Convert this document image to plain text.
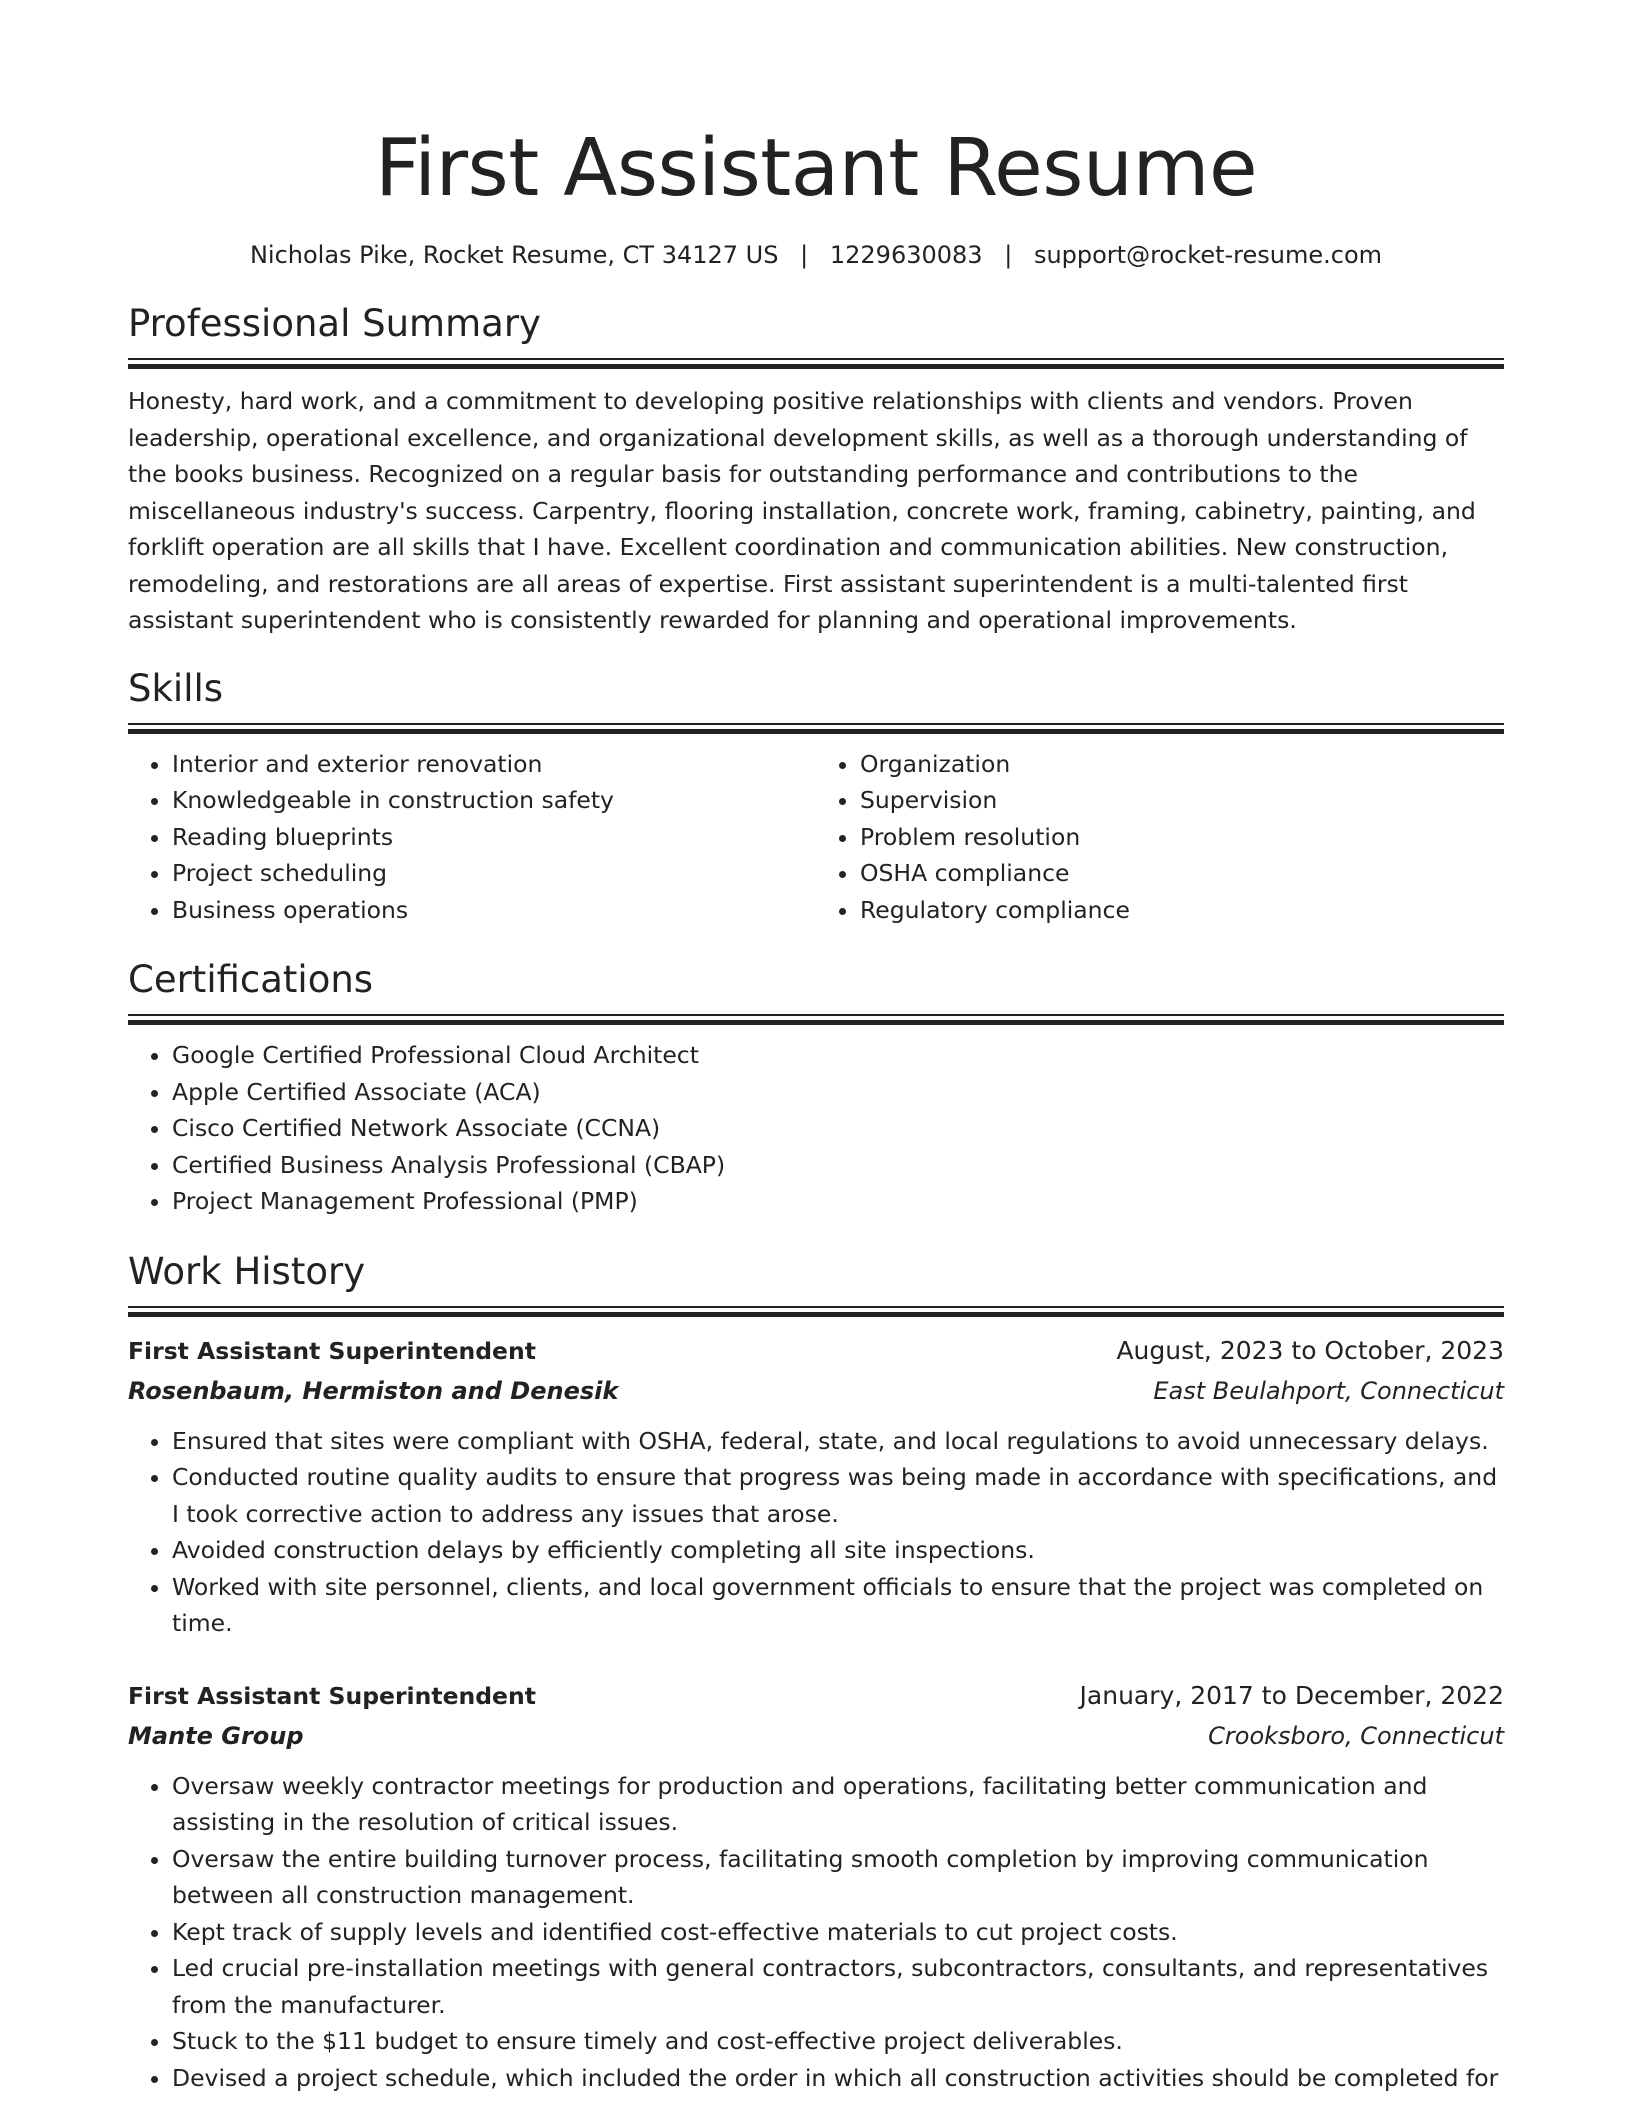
First Assistant Resume
Nicholas Pike, Rocket Resume, CT 34127 US | 1229630083 | support@rocket-resume.com
Professional Summary
Honesty, hard work, and a commitment to developing positive relationships with clients and vendors. Proven leadership, operational excellence, and organizational development skills, as well as a thorough understanding of the books business. Recognized on a regular basis for outstanding performance and contributions to the miscellaneous industry's success. Carpentry, flooring installation, concrete work, framing, cabinetry, painting, and forklift operation are all skills that I have. Excellent coordination and communication abilities. New construction, remodeling, and restorations are all areas of expertise. First assistant superintendent is a multi-talented first assistant superintendent who is consistently rewarded for planning and operational improvements.
Skills
• Interior and exterior renovation
• Knowledgeable in construction safety
• Reading blueprints
• Project scheduling
• Business operations
• Organization
• Supervision
• Problem resolution
• OSHA compliance
• Regulatory compliance
Certifications
• Google Certified Professional Cloud Architect
• Apple Certified Associate (ACA)
• Cisco Certified Network Associate (CCNA)
• Certified Business Analysis Professional (CBAP)
• Project Management Professional (PMP)
Work History
First Assistant Superintendent	August, 2023 to October, 2023
Rosenbaum, Hermiston and Denesik	East Beulahport, Connecticut
• Ensured that sites were compliant with OSHA, federal, state, and local regulations to avoid unnecessary delays.
• Conducted routine quality audits to ensure that progress was being made in accordance with specifications, and I took corrective action to address any issues that arose.
• Avoided construction delays by efficiently completing all site inspections.
• Worked with site personnel, clients, and local government officials to ensure that the project was completed on time.
First Assistant Superintendent	January, 2017 to December, 2022
Mante Group	Crooksboro, Connecticut
• Oversaw weekly contractor meetings for production and operations, facilitating better communication and assisting in the resolution of critical issues.
• Oversaw the entire building turnover process, facilitating smooth completion by improving communication between all construction management.
• Kept track of supply levels and identified cost-effective materials to cut project costs.
• Led crucial pre-installation meetings with general contractors, subcontractors, consultants, and representatives from the manufacturer.
• Stuck to the $11 budget to ensure timely and cost-effective project deliverables.
• Devised a project schedule, which included the order in which all construction activities should be completed for
